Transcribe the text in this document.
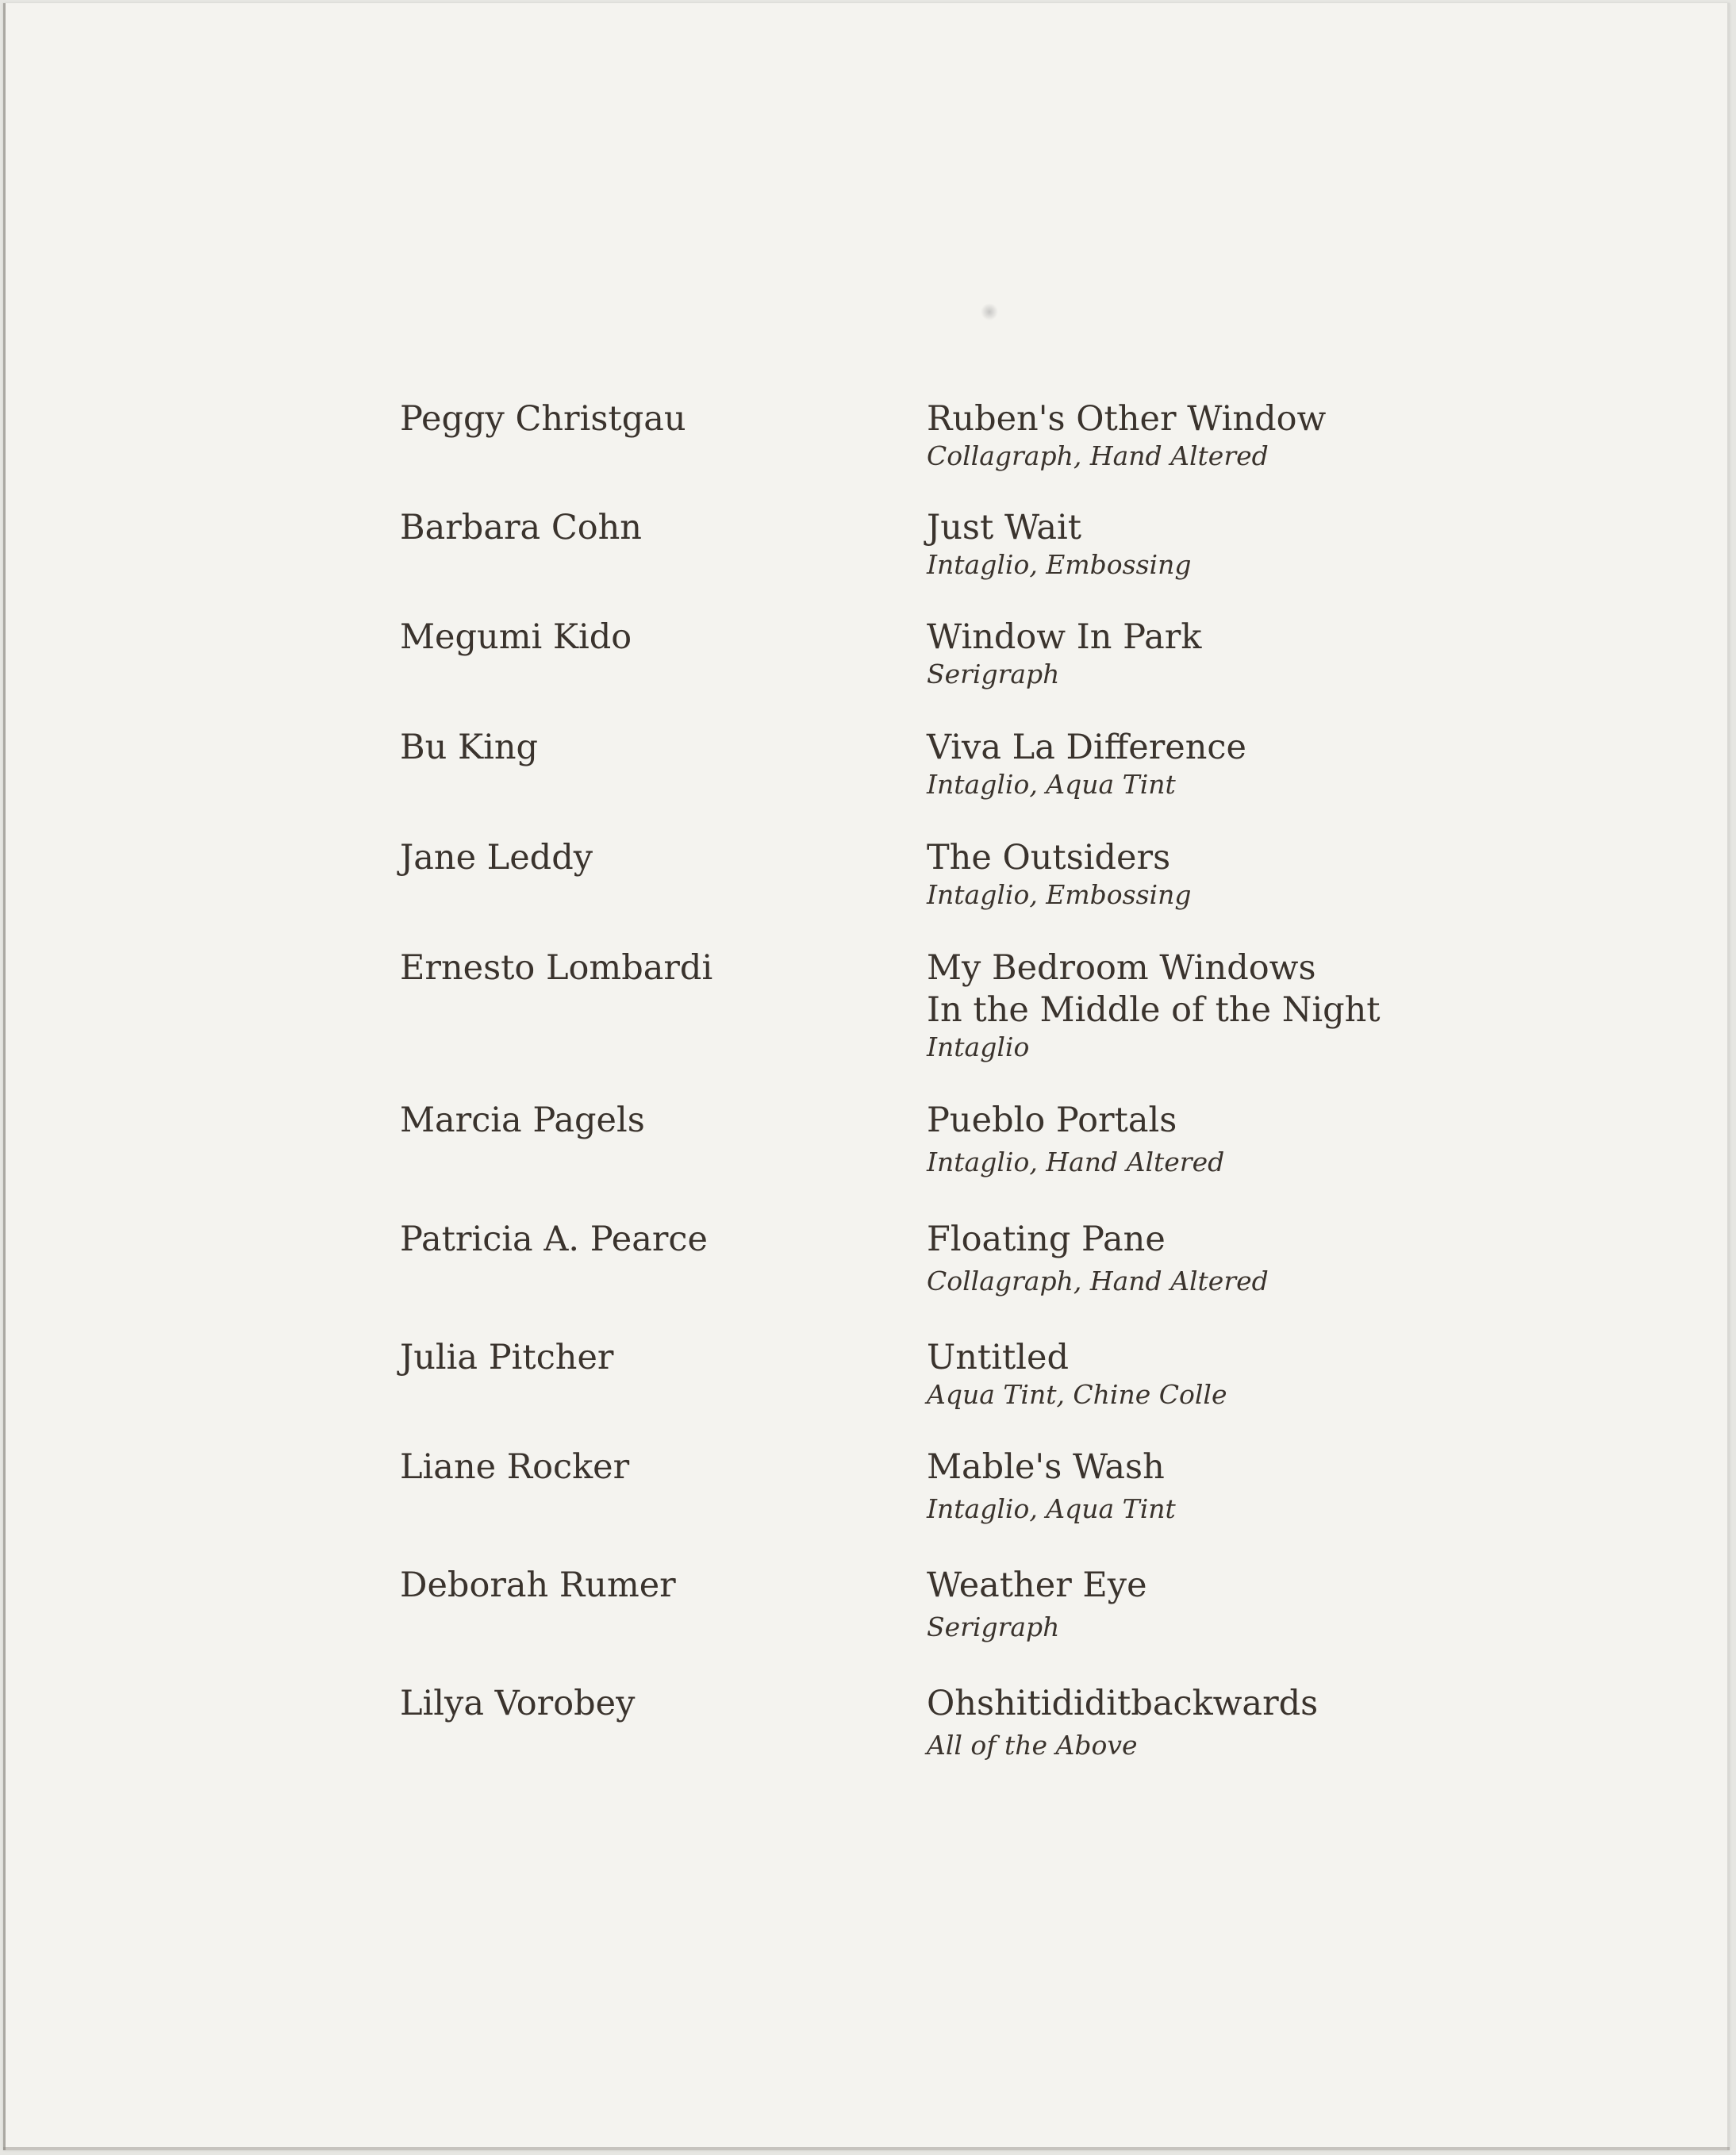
Peggy Christgau	Ruben's Other Window
Collagraph, Hand Altered
Barbara Cohn	Just Wait
Intaglio, Embossing
Megumi Kido	Window In Park
Serigraph
Bu King	Viva La Difference
Intaglio, Aqua Tint
Jane Leddy	The Outsiders
Intaglio, Embossing
Ernesto Lombardi	My Bedroom Windows
In the Middle of the Night
Intaglio
Marcia Pagels	Pueblo Portals
Intaglio, Hand Altered
Patricia A. Pearce	Floating Pane
Collagraph, Hand Altered
Julia Pitcher	Untitled
Aqua Tint, Chine Colle
Liane Rocker	Mable's Wash
Intaglio, Aqua Tint
Deborah Rumer	Weather Eye
Serigraph
Lilya Vorobey	Ohshitididitbackwards
All of the Above
